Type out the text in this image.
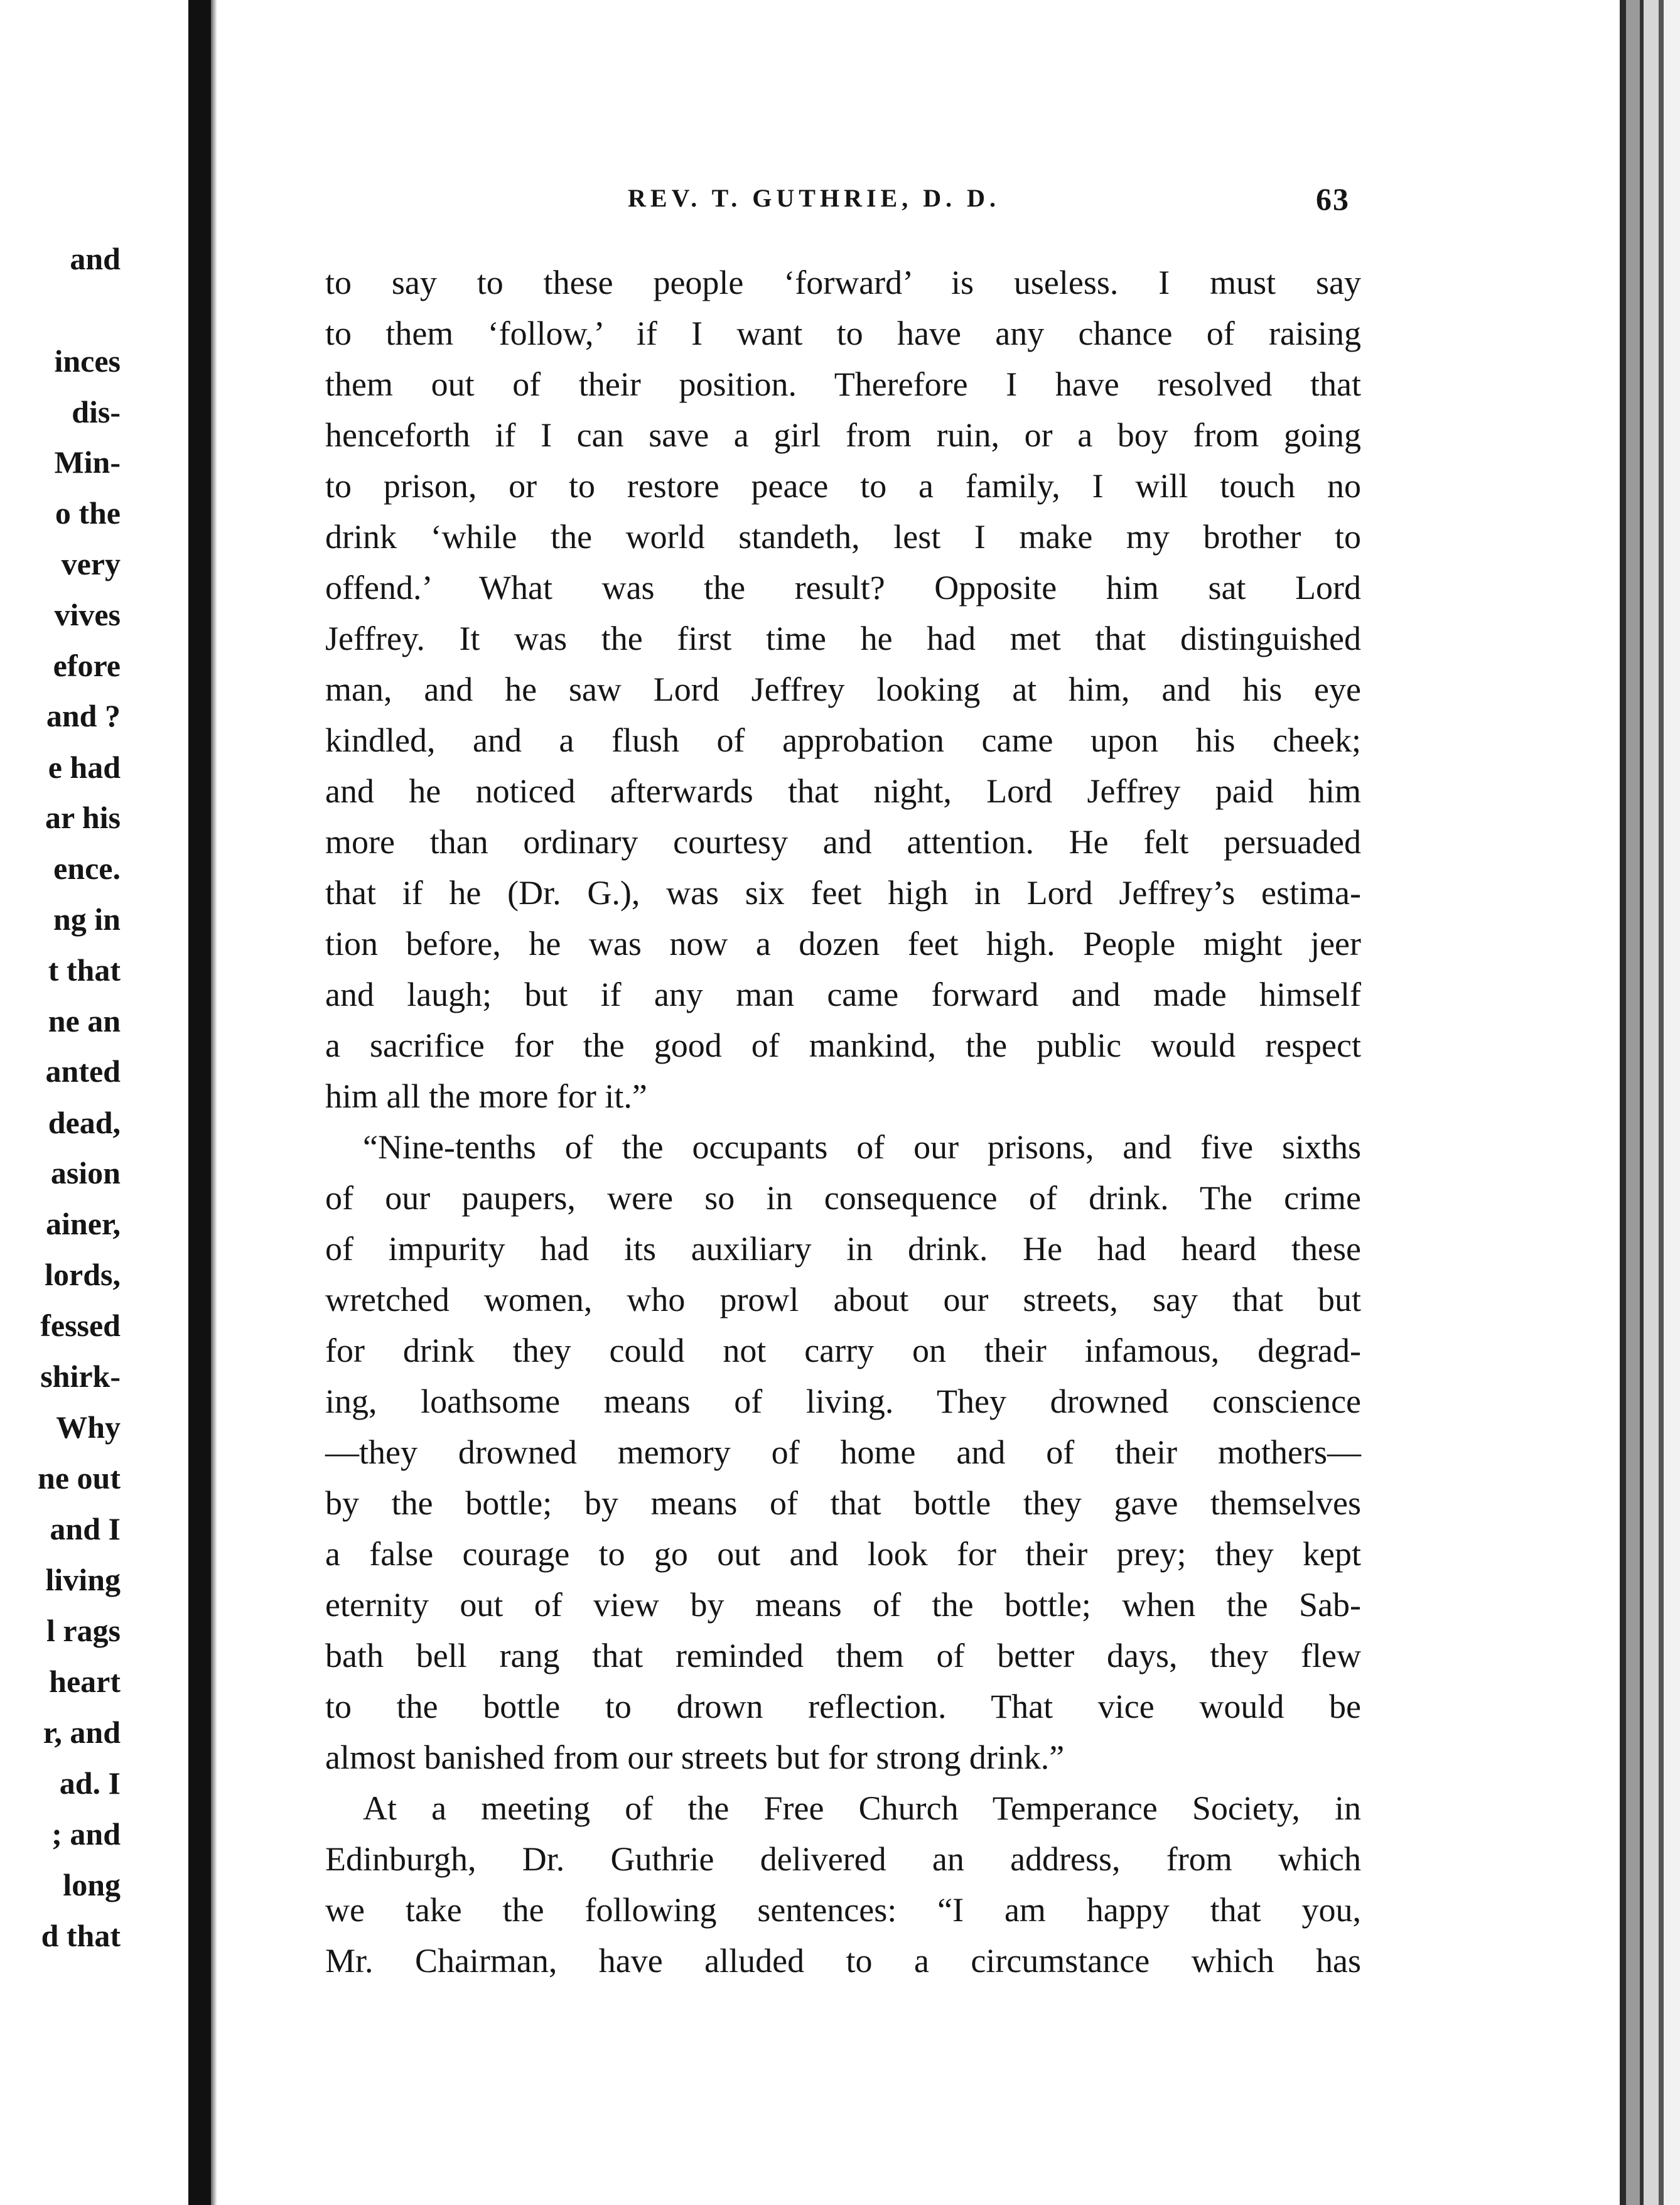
and
inces
dis-
Min-
o the
very
vives
efore
and ?
e had
ar his
ence.
ng in
t that
ne an
anted
dead,
asion
ainer,
lords,
fessed
shirk-
Why
ne out
and I
living
l rags
heart
r, and
ad. I
; and
long
d that
REV. T. GUTHRIE, D. D.	63
to say to these people ‘forward’ is useless. I must say
to them ‘follow,’ if I want to have any chance of raising
them out of their position. Therefore I have resolved that
henceforth if I can save a girl from ruin, or a boy from going
to prison, or to restore peace to a family, I will touch no
drink ‘while the world standeth, lest I make my brother to
offend.’ What was the result? Opposite him sat Lord
Jeffrey. It was the first time he had met that distinguished
man, and he saw Lord Jeffrey looking at him, and his eye
kindled, and a flush of approbation came upon his cheek;
and he noticed afterwards that night, Lord Jeffrey paid him
more than ordinary courtesy and attention. He felt persuaded
that if he (Dr. G.), was six feet high in Lord Jeffrey’s estima-
tion before, he was now a dozen feet high. People might jeer
and laugh; but if any man came forward and made himself
a sacrifice for the good of mankind, the public would respect
him all the more for it.”
“Nine-tenths of the occupants of our prisons, and five sixths
of our paupers, were so in consequence of drink. The crime
of impurity had its auxiliary in drink. He had heard these
wretched women, who prowl about our streets, say that but
for drink they could not carry on their infamous, degrad-
ing, loathsome means of living. They drowned conscience
—they drowned memory of home and of their mothers—
by the bottle; by means of that bottle they gave themselves
a false courage to go out and look for their prey; they kept
eternity out of view by means of the bottle; when the Sab-
bath bell rang that reminded them of better days, they flew
to the bottle to drown reflection. That vice would be
almost banished from our streets but for strong drink.”
At a meeting of the Free Church Temperance Society, in
Edinburgh, Dr. Guthrie delivered an address, from which
we take the following sentences: “I am happy that you,
Mr. Chairman, have alluded to a circumstance which has
